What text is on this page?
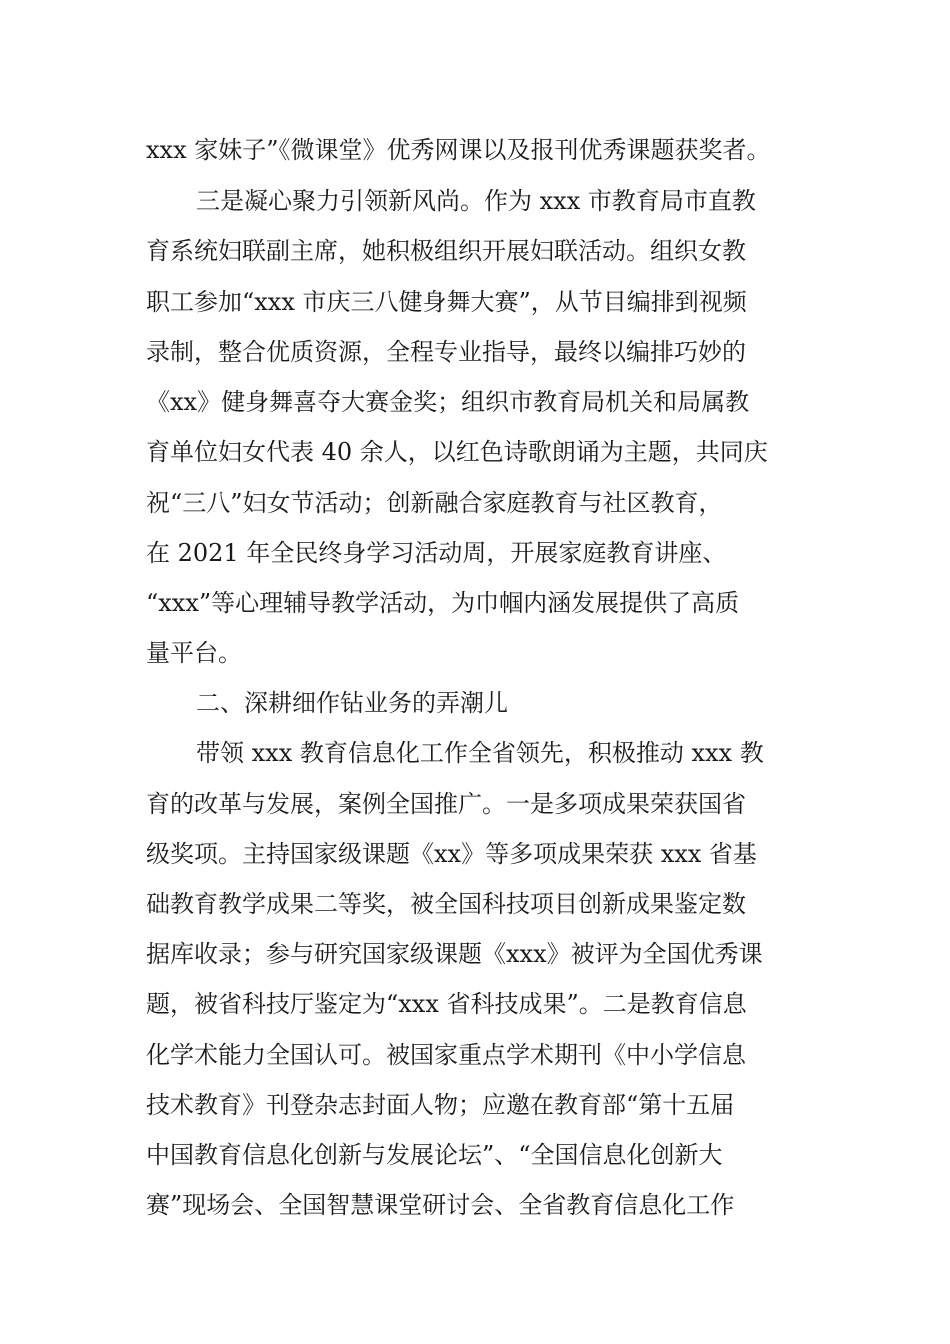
xxx 家妹子”《微课堂》优秀网课以及报刊优秀课题获奖者。
三是凝心聚力引领新风尚。作为 xxx 市教育局市直教
育系统妇联副主席，她积极组织开展妇联活动。组织女教
职工参加“xxx 市庆三八健身舞大赛”，从节目编排到视频
录制，整合优质资源，全程专业指导，最终以编排巧妙的
《xx》健身舞喜夺大赛金奖；组织市教育局机关和局属教
育单位妇女代表 40 余人，以红色诗歌朗诵为主题，共同庆
祝“三八”妇女节活动；创新融合家庭教育与社区教育，
在 2021 年全民终身学习活动周，开展家庭教育讲座、
“xxx”等心理辅导教学活动，为巾帼内涵发展提供了高质
量平台。
二、深耕细作钻业务的弄潮儿
带领 xxx 教育信息化工作全省领先，积极推动 xxx 教
育的改革与发展，案例全国推广。一是多项成果荣获国省
级奖项。主持国家级课题《xx》等多项成果荣获 xxx 省基
础教育教学成果二等奖，被全国科技项目创新成果鉴定数
据库收录；参与研究国家级课题《xxx》被评为全国优秀课
题，被省科技厅鉴定为“xxx 省科技成果”。二是教育信息
化学术能力全国认可。被国家重点学术期刊《中小学信息
技术教育》刊登杂志封面人物；应邀在教育部“第十五届
中国教育信息化创新与发展论坛”、“全国信息化创新大
赛”现场会、全国智慧课堂研讨会、全省教育信息化工作
